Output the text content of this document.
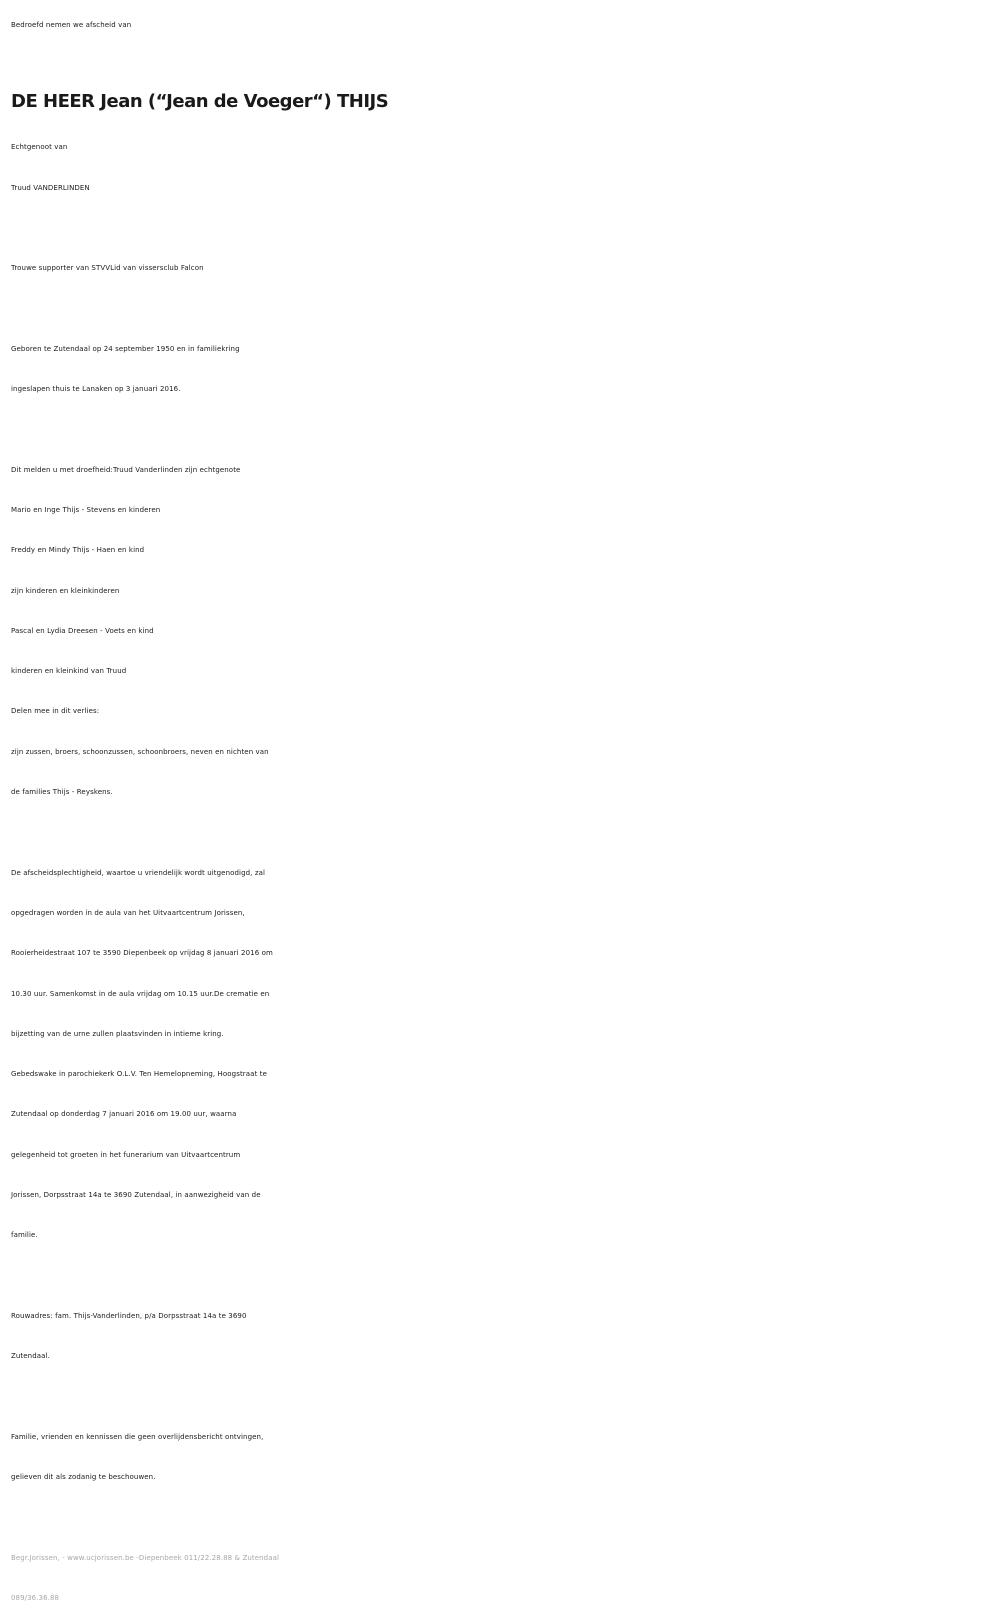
Bedroefd nemen we afscheid van
DE HEER Jean (“Jean de Voeger“) THIJS
Echtgenoot van
Truud VANDERLINDEN
Trouwe supporter van STVVLid van vissersclub Falcon
Geboren te Zutendaal op 24 september 1950 en in familiekring
ingeslapen thuis te Lanaken op 3 januari 2016.
Dit melden u met droefheid:Truud Vanderlinden zijn echtgenote
Mario en Inge Thijs - Stevens en kinderen
Freddy en Mindy Thijs - Haen en kind
zijn kinderen en kleinkinderen
Pascal en Lydia Dreesen - Voets en kind
kinderen en kleinkind van Truud
Delen mee in dit verlies:
zijn zussen, broers, schoonzussen, schoonbroers, neven en nichten van
de families Thijs - Reyskens.
De afscheidsplechtigheid, waartoe u vriendelijk wordt uitgenodigd, zal
opgedragen worden in de aula van het Uitvaartcentrum Jorissen,
Rooierheidestraat 107 te 3590 Diepenbeek op vrijdag 8 januari 2016 om
10.30 uur. Samenkomst in de aula vrijdag om 10.15 uur.De crematie en
bijzetting van de urne zullen plaatsvinden in intieme kring.
Gebedswake in parochiekerk O.L.V. Ten Hemelopneming, Hoogstraat te
Zutendaal op donderdag 7 januari 2016 om 19.00 uur, waarna
gelegenheid tot groeten in het funerarium van Uitvaartcentrum
Jorissen, Dorpsstraat 14a te 3690 Zutendaal, in aanwezigheid van de
familie.
Rouwadres: fam. Thijs-Vanderlinden, p/a Dorpsstraat 14a te 3690
Zutendaal.
Familie, vrienden en kennissen die geen overlijdensbericht ontvingen,
gelieven dit als zodanig te beschouwen.
Begr.Jorissen, - www.ucjorissen.be -Diepenbeek 011/22.28.88 & Zutendaal
089/36.36.88
